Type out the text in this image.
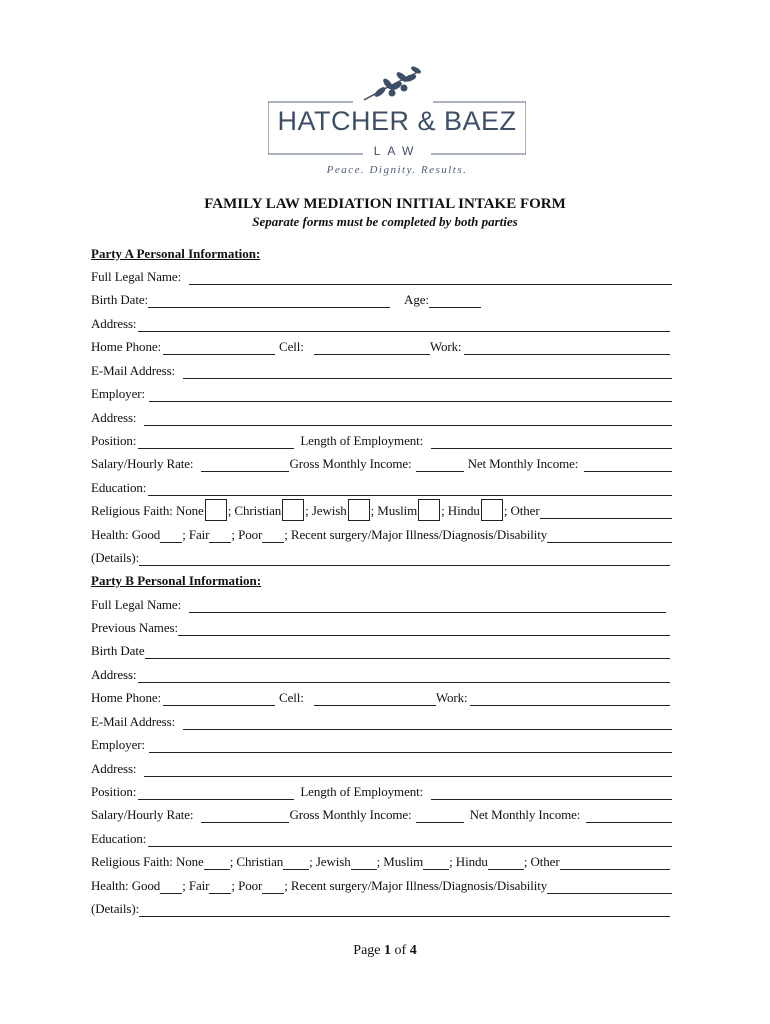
HATCHER & BAEZ
LAW
Peace. Dignity. Results.
FAMILY LAW MEDIATION INITIAL INTAKE FORM
Separate forms must be completed by both parties
Party A Personal Information:
Full Legal Name:
Birth Date:	Age:
Address:
Home Phone:	Cell:	Work:
E-Mail Address:
Employer:
Address:
Position:	Length of Employment:
Salary/Hourly Rate:	Gross Monthly Income:	Net Monthly Income:
Education:
Religious Faith: None ; Christian ; Jewish ; Muslim ; Hindu ; Other
Health: Good ; Fair ; Poor ; Recent surgery/Major Illness/Diagnosis/Disability
(Details):
Party B Personal Information:
Full Legal Name:
Previous Names:
Birth Date
Address:
Home Phone:	Cell:	Work:
E-Mail Address:
Employer:
Address:
Position:	Length of Employment:
Salary/Hourly Rate:	Gross Monthly Income:	Net Monthly Income:
Education:
Religious Faith: None ; Christian ; Jewish ; Muslim ; Hindu	; Other
Health: Good ; Fair ; Poor ; Recent surgery/Major Illness/Diagnosis/Disability
(Details):
Page 1 of 4
